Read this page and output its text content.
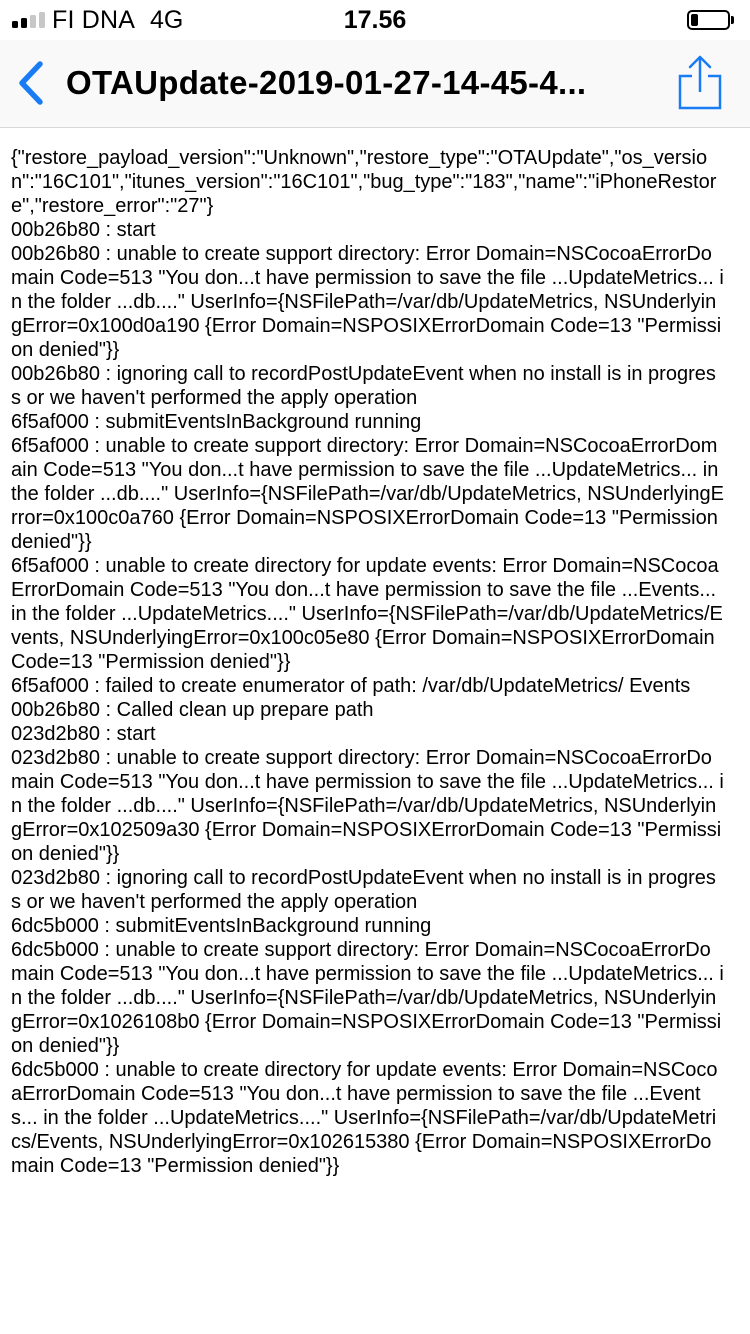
FI DNA 4G	17.56
OTAUpdate-2019-01-27-14-45-4...

{"restore_payload_version":"Unknown","restore_type":"OTAUpdate","os_version":"16C101","itunes_version":"16C101","bug_type":"183","name":"iPhoneRestore","restore_error":"27"}

00b26b80 : start

00b26b80 : unable to create support directory: Error Domain=NSCocoaErrorDomain Code=513 "You don...t have permission to save the file ...UpdateMetrics... in the folder ...db...." UserInfo={NSFilePath=/var/db/UpdateMetrics, NSUnderlyingError=0x100d0a190 {Error Domain=NSPOSIXErrorDomain Code=13 "Permission denied"}}

00b26b80 : ignoring call to recordPostUpdateEvent when no install is in progress or we haven't performed the apply operation

6f5af000 : submitEventsInBackground running

6f5af000 : unable to create support directory: Error Domain=NSCocoaErrorDomain Code=513 "You don...t have permission to save the file ...UpdateMetrics... in the folder ...db...." UserInfo={NSFilePath=/var/db/UpdateMetrics, NSUnderlyingError=0x100c0a760 {Error Domain=NSPOSIXErrorDomain Code=13 "Permission denied"}}

6f5af000 : unable to create directory for update events: Error Domain=NSCocoaErrorDomain Code=513 "You don...t have permission to save the file ...Events... in the folder ...UpdateMetrics...." UserInfo={NSFilePath=/var/db/UpdateMetrics/Events, NSUnderlyingError=0x100c05e80 {Error Domain=NSPOSIXErrorDomain Code=13 "Permission denied"}}

6f5af000 : failed to create enumerator of path: /var/db/UpdateMetrics/ Events

00b26b80 : Called clean up prepare path

023d2b80 : start

023d2b80 : unable to create support directory: Error Domain=NSCocoaErrorDomain Code=513 "You don...t have permission to save the file ...UpdateMetrics... in the folder ...db...." UserInfo={NSFilePath=/var/db/UpdateMetrics, NSUnderlyingError=0x102509a30 {Error Domain=NSPOSIXErrorDomain Code=13 "Permission denied"}}

023d2b80 : ignoring call to recordPostUpdateEvent when no install is in progress or we haven't performed the apply operation

6dc5b000 : submitEventsInBackground running

6dc5b000 : unable to create support directory: Error Domain=NSCocoaErrorDomain Code=513 "You don...t have permission to save the file ...UpdateMetrics... in the folder ...db...." UserInfo={NSFilePath=/var/db/UpdateMetrics, NSUnderlyingError=0x1026108b0 {Error Domain=NSPOSIXErrorDomain Code=13 "Permission denied"}}

6dc5b000 : unable to create directory for update events: Error Domain=NSCocoaErrorDomain Code=513 "You don...t have permission to save the file ...Events... in the folder ...UpdateMetrics...." UserInfo={NSFilePath=/var/db/UpdateMetrics/Events, NSUnderlyingError=0x102615380 {Error Domain=NSPOSIXErrorDomain Code=13 "Permission denied"}}
